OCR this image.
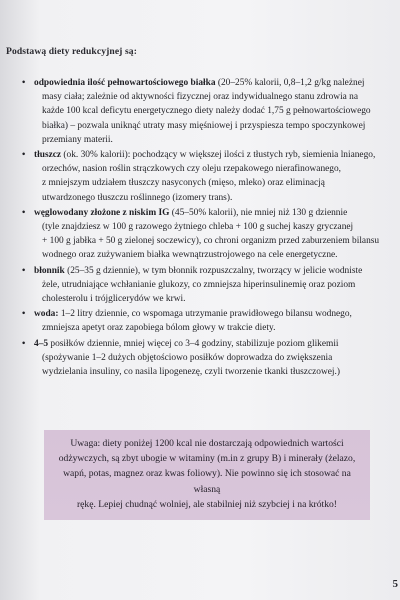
Podstawą diety redukcyjnej są:
• odpowiednia ilość pełnowartościowego białka (20–25% kalorii, 0,8–1,2 g/kg należnej
masy ciała; zależnie od aktywności fizycznej oraz indywidualnego stanu zdrowia na
każde 100 kcal deficytu energetycznego diety należy dodać 1,75 g pełnowartościowego
białka) – pozwala uniknąć utraty masy mięśniowej i przyspiesza tempo spoczynkowej
przemiany materii.
• tłuszcz (ok. 30% kalorii): pochodzący w większej ilości z tłustych ryb, siemienia lnianego,
orzechów, nasion roślin strączkowych czy oleju rzepakowego nierafinowanego,
z mniejszym udziałem tłuszczy nasyconych (mięso, mleko) oraz eliminacją
utwardzonego tłuszczu roślinnego (izomery trans).
• węglowodany złożone z niskim IG (45–50% kalorii), nie mniej niż 130 g dziennie
(tyle znajdziesz w 100 g razowego żytniego chleba + 100 g suchej kaszy gryczanej
+ 100 g jabłka + 50 g zielonej soczewicy), co chroni organizm przed zaburzeniem bilansu
wodnego oraz zużywaniem białka wewnątrzustrojowego na cele energetyczne.
• błonnik (25–35 g dziennie), w tym błonnik rozpuszczalny, tworzący w jelicie wodniste
żele, utrudniające wchłanianie glukozy, co zmniejsza hiperinsulinemię oraz poziom
cholesterolu i trójglicerydów we krwi.
• woda: 1–2 litry dziennie, co wspomaga utrzymanie prawidłowego bilansu wodnego,
zmniejsza apetyt oraz zapobiega bólom głowy w trakcie diety.
• 4–5 posiłków dziennie, mniej więcej co 3–4 godziny, stabilizuje poziom glikemii
(spożywanie 1–2 dużych objętościowo posiłków doprowadza do zwiększenia
wydzielania insuliny, co nasila lipogenezę, czyli tworzenie tkanki tłuszczowej.)
Uwaga: diety poniżej 1200 kcal nie dostarczają odpowiednich wartości
odżywczych, są zbyt ubogie w witaminy (m.in z grupy B) i minerały (żelazo,
wapń, potas, magnez oraz kwas foliowy). Nie powinno się ich stosować na własną
rękę. Lepiej chudnąć wolniej, ale stabilniej niż szybciej i na krótko!
5
